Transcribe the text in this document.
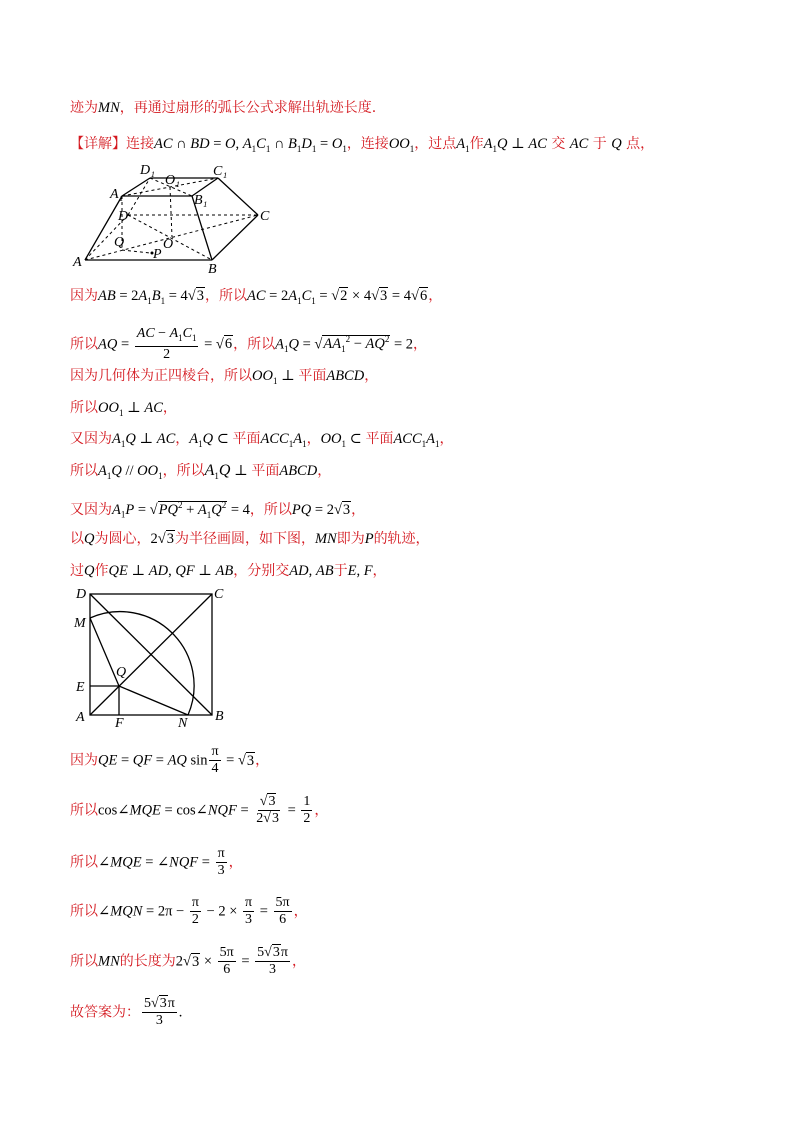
迹为MN，再通过扇形的弧长公式求解出轨迹长度.
【详解】连接AC ∩ BD = O, $A_1C_1$ ∩ $B_1D_1 = O_1$，连接$OO_1$，过点$A_1$作$A_1Q$ ⊥ AC 交 AC 于 Q 点，
D₁	C₁
O₁
A₁	B₁
D	C
Q	O
P
A	B
因为AB = $2A_1B_1 = 4√3$，所以AC = $2A_1C_1 = √2 \times 4√3 = 4√6$，
所以AQ = $\frac{AC - A_1C_1}{2} = √6$，所以$A_1Q = √AA_1^2 - AQ^2 = 2$，
因为几何体为正四棱台，所以$OO_1$ ⊥ 平面ABCD，
所以$OO_1$ ⊥ AC，
又因为$A_1Q$ ⊥ AC，$A_1Q$ ⊂ 平面$ACC_1A_1$，$OO_1$ ⊂ 平面$ACC_1A_1$，
所以$A_1Q // OO_1$，所以$A_1Q$ ⊥ 平面ABCD，
又因为$A_1P = √PQ^2 + A_1Q^2 = 4$，所以PQ = 2√3，
以Q为圆心，2√3为半径画圆，如下图，MN即为P的轨迹，
过Q作QE ⊥ AD, QF ⊥ AB，分别交AD, AB于E, F，
D	C
M
Q
E
A F	N B
因为QE = QF = AQ $\sin \frac{\pi}{4} = √3$，
所以cos∠MQE = cos∠NQF = $\frac{√3}{2√3} = \frac{1}{2}$ ，
所以∠MQE = ∠NQF = $\frac{\pi}{3}$ ，
所以∠MQN = $2\pi - \frac{\pi}{2} - 2 \times \frac{\pi}{3} = \frac{5\pi}{6}$ ，
所以MN的长度为$2√3 \times \frac{5\pi}{6} = \frac{5√3\pi}{3}$ ，
故答案为： $\frac{5√3\pi}{3}$ .
